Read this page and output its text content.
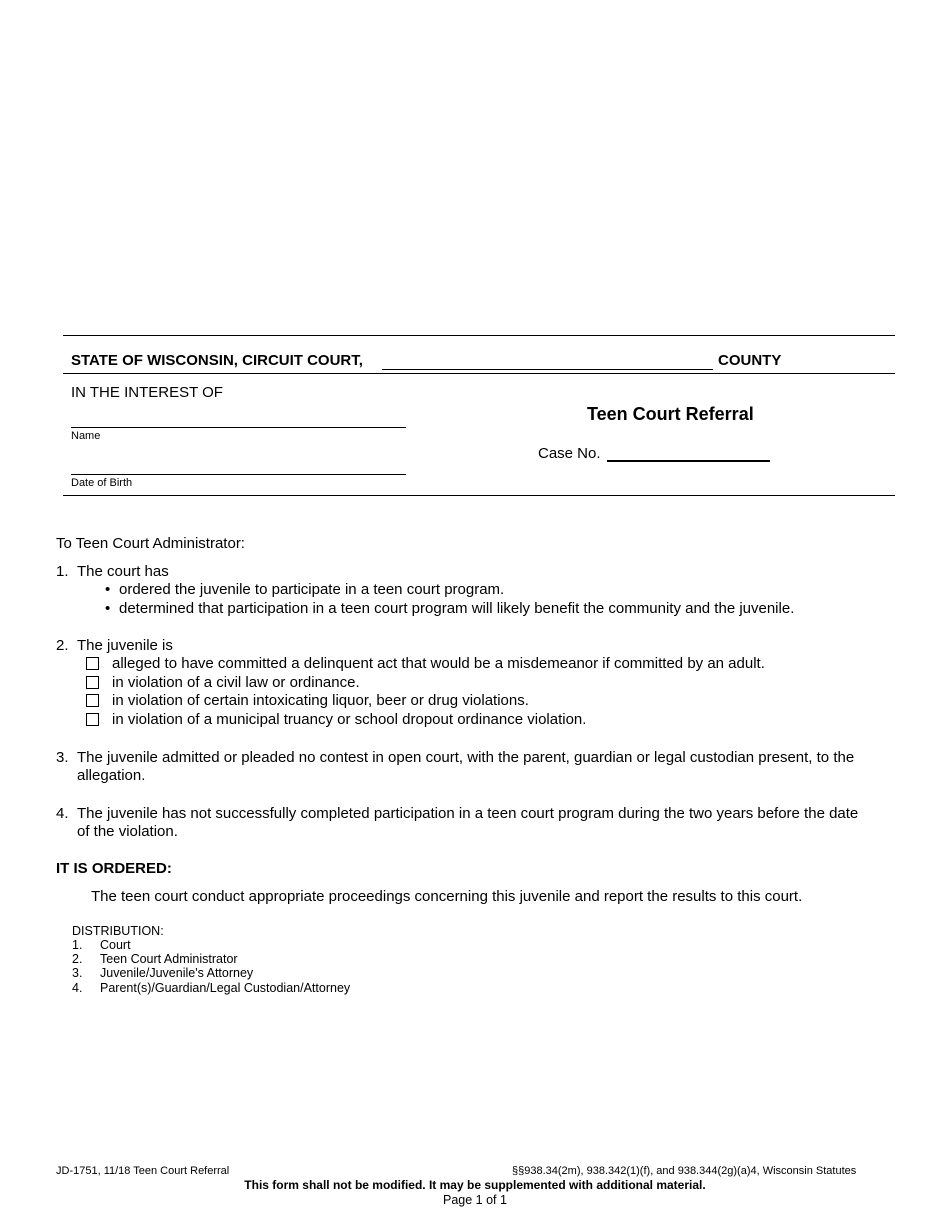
STATE OF WISCONSIN, CIRCUIT COURT,	COUNTY
IN THE INTEREST OF
Name
Date of Birth
Teen Court Referral
Case No.
To Teen Court Administrator:
1. The court has
• ordered the juvenile to participate in a teen court program.
• determined that participation in a teen court program will likely benefit the community and the juvenile.
2. The juvenile is
alleged to have committed a delinquent act that would be a misdemeanor if committed by an adult.
in violation of a civil law or ordinance.
in violation of certain intoxicating liquor, beer or drug violations.
in violation of a municipal truancy or school dropout ordinance violation.
3. The juvenile admitted or pleaded no contest in open court, with the parent, guardian or legal custodian present, to the
allegation.
4. The juvenile has not successfully completed participation in a teen court program during the two years before the date
of the violation.
IT IS ORDERED:
The teen court conduct appropriate proceedings concerning this juvenile and report the results to this court.
DISTRIBUTION:
1. Court
2. Teen Court Administrator
3. Juvenile/Juvenile's Attorney
4. Parent(s)/Guardian/Legal Custodian/Attorney
JD-1751, 11/18 Teen Court Referral	§§938.34(2m), 938.342(1)(f), and 938.344(2g)(a)4, Wisconsin Statutes
This form shall not be modified. It may be supplemented with additional material.
Page 1 of 1
